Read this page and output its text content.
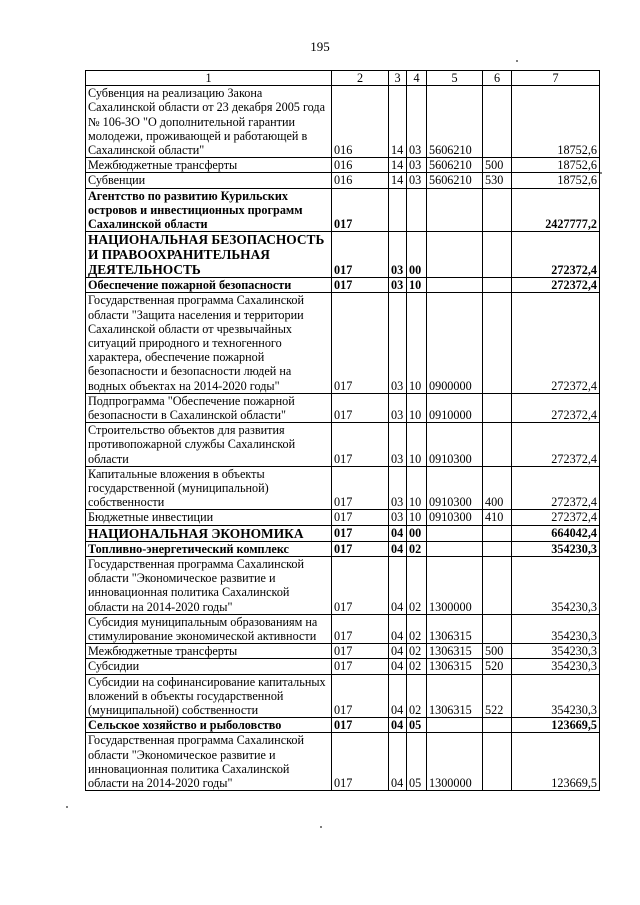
195
1	2	3	4	5	6	7
Субвенция на реализацию Закона Сахалинской области от 23 декабря 2005 года № 106-ЗО "О дополнительной гарантии молодежи, проживающей и работающей в Сахалинской области"	016	14	03	5606210		18752,6
Межбюджетные трансферты	016	14	03	5606210	500	18752,6
Субвенции	016	14	03	5606210	530	18752,6
Агентство по развитию Курильских островов и инвестиционных программ Сахалинской области	017					2427777,2
НАЦИОНАЛЬНАЯ БЕЗОПАСНОСТЬ И ПРАВООХРАНИТЕЛЬНАЯ ДЕЯТЕЛЬНОСТЬ	017	03	00			272372,4
Обеспечение пожарной безопасности	017	03	10			272372,4
Государственная программа Сахалинской области "Защита населения и территории Сахалинской области от чрезвычайных ситуаций природного и техногенного характера, обеспечение пожарной безопасности и безопасности людей на водных объектах на 2014-2020 годы"	017	03	10	0900000		272372,4
Подпрограмма "Обеспечение пожарной безопасности в Сахалинской области"	017	03	10	0910000		272372,4
Строительство объектов для развития противопожарной службы Сахалинской области	017	03	10	0910300		272372,4
Капитальные вложения в объекты государственной (муниципальной) собственности	017	03	10	0910300	400	272372,4
Бюджетные инвестиции	017	03	10	0910300	410	272372,4
НАЦИОНАЛЬНАЯ ЭКОНОМИКА	017	04	00			664042,4
Топливно-энергетический комплекс	017	04	02			354230,3
Государственная программа Сахалинской области "Экономическое развитие и инновационная политика Сахалинской области на 2014-2020 годы"	017	04	02	1300000		354230,3
Субсидия муниципальным образованиям на стимулирование экономической активности	017	04	02	1306315		354230,3
Межбюджетные трансферты	017	04	02	1306315	500	354230,3
Субсидии	017	04	02	1306315	520	354230,3
Субсидии на софинансирование капитальных вложений в объекты государственной (муниципальной) собственности	017	04	02	1306315	522	354230,3
Сельское хозяйство и рыболовство	017	04	05			123669,5
Государственная программа Сахалинской области "Экономическое развитие и инновационная политика Сахалинской области на 2014-2020 годы"	017	04	05	1300000		123669,5
